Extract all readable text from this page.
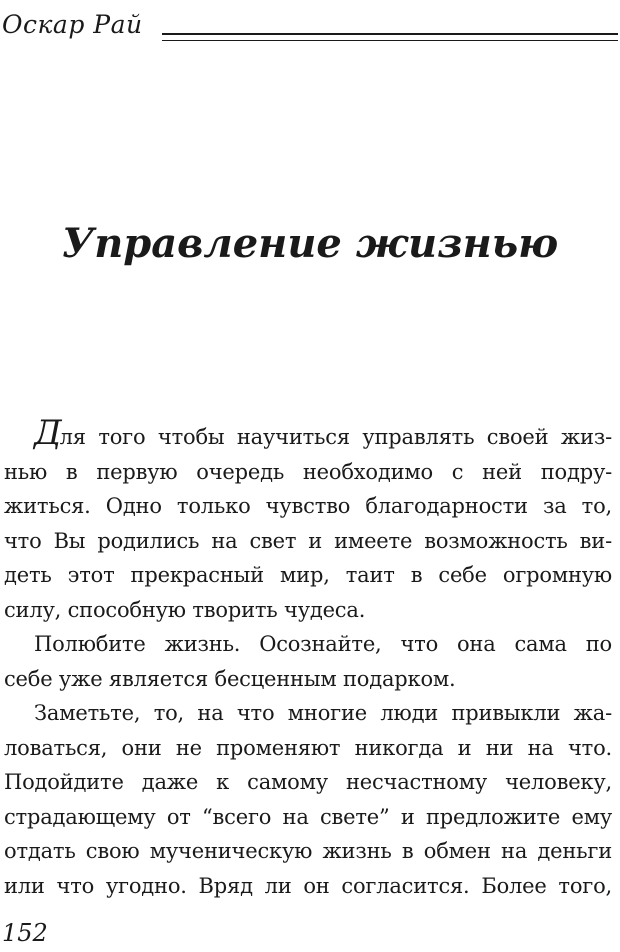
Оскар Рай
Управление жизнью
Для того чтобы научиться управлять своей жиз-
нью в первую очередь необходимо с ней подру-
житься. Одно только чувство благодарности за то,
что Вы родились на свет и имеете возможность ви-
деть этот прекрасный мир, таит в себе огромную
силу, способную творить чудеса.
Полюбите жизнь. Осознайте, что она сама по
себе уже является бесценным подарком.
Заметьте, то, на что многие люди привыкли жа-
ловаться, они не променяют никогда и ни на что.
Подойдите даже к самому несчастному человеку,
страдающему от “всего на свете” и предложите ему
отдать свою мученическую жизнь в обмен на деньги
или что угодно. Вряд ли он согласится. Более того,
152
